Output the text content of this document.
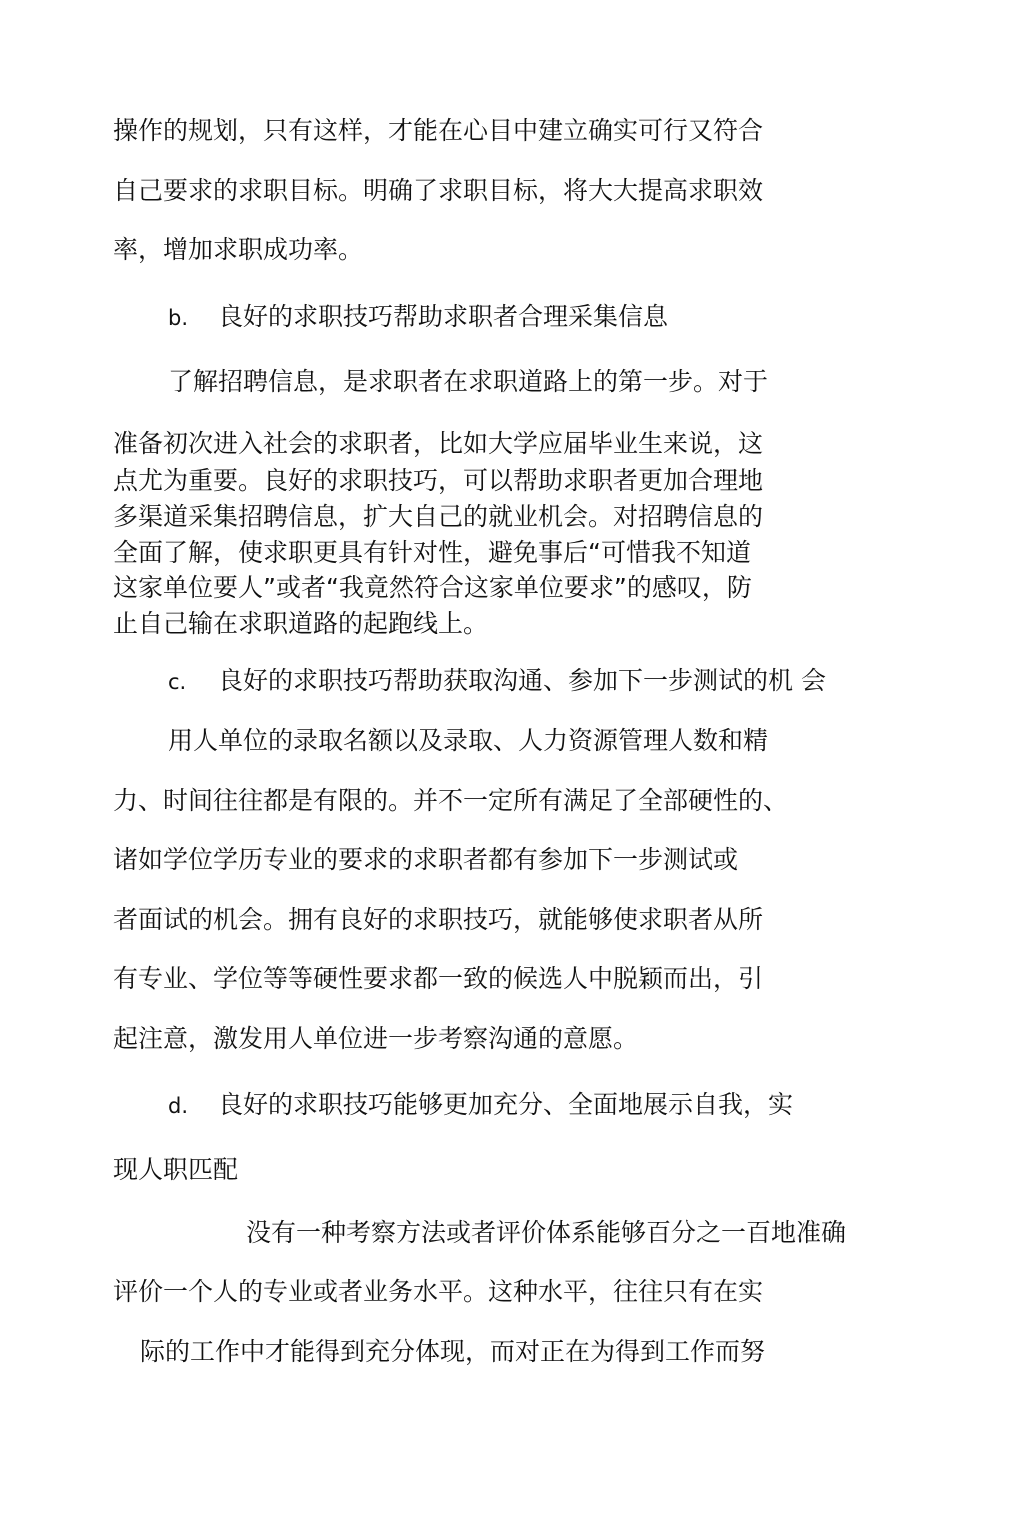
操作的规划，只有这样，才能在心目中建立确实可行又符合

自己要求的求职目标。明确了求职目标，将大大提高求职效

率，增加求职成功率。

b. 良好的求职技巧帮助求职者合理采集信息

了解招聘信息，是求职者在求职道路上的第一步。对于

准备初次进入社会的求职者，比如大学应届毕业生来说，这

点尤为重要。良好的求职技巧，可以帮助求职者更加合理地

多渠道采集招聘信息，扩大自己的就业机会。对招聘信息的

全面了解，使求职更具有针对性，避免事后“可惜我不知道

这家单位要人”或者“我竟然符合这家单位要求”的感叹，防

止自己输在求职道路的起跑线上。

c. 良好的求职技巧帮助获取沟通、参加下一步测试的机 会

用人单位的录取名额以及录取、人力资源管理人数和精

力、时间往往都是有限的。并不一定所有满足了全部硬性的、

诸如学位学历专业的要求的求职者都有参加下一步测试或

者面试的机会。拥有良好的求职技巧，就能够使求职者从所

有专业、学位等等硬性要求都一致的候选人中脱颖而出，引

起注意，激发用人单位进一步考察沟通的意愿。

d. 良好的求职技巧能够更加充分、全面地展示自我，实

现人职匹配

没有一种考察方法或者评价体系能够百分之一百地准确

评价一个人的专业或者业务水平。这种水平，往往只有在实

际的工作中才能得到充分体现，而对正在为得到工作而努
